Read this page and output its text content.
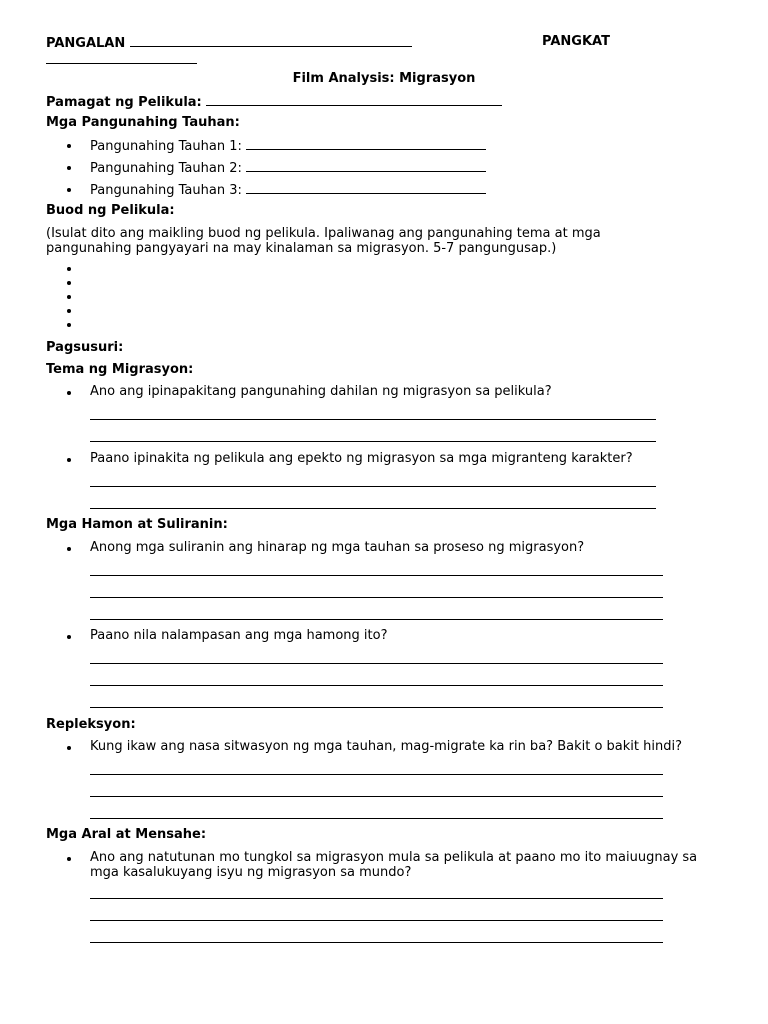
PANGALAN	PANGKAT
Film Analysis: Migrasyon
Pamagat ng Pelikula:
Mga Pangunahing Tauhan:
Pangunahing Tauhan 1:
Pangunahing Tauhan 2:
Pangunahing Tauhan 3:
Buod ng Pelikula:
(Isulat dito ang maikling buod ng pelikula. Ipaliwanag ang pangunahing tema at mga pangunahing pangyayari na may kinalaman sa migrasyon. 5-7 pangungusap.)
Pagsusuri:
Tema ng Migrasyon:
Ano ang ipinapakitang pangunahing dahilan ng migrasyon sa pelikula?
Paano ipinakita ng pelikula ang epekto ng migrasyon sa mga migranteng karakter?
Mga Hamon at Suliranin:
Anong mga suliranin ang hinarap ng mga tauhan sa proseso ng migrasyon?
Paano nila nalampasan ang mga hamong ito?
Repleksyon:
Kung ikaw ang nasa sitwasyon ng mga tauhan, mag-migrate ka rin ba? Bakit o bakit hindi?
Mga Aral at Mensahe:
Ano ang natutunan mo tungkol sa migrasyon mula sa pelikula at paano mo ito maiuugnay sa mga kasalukuyang isyu ng migrasyon sa mundo?
